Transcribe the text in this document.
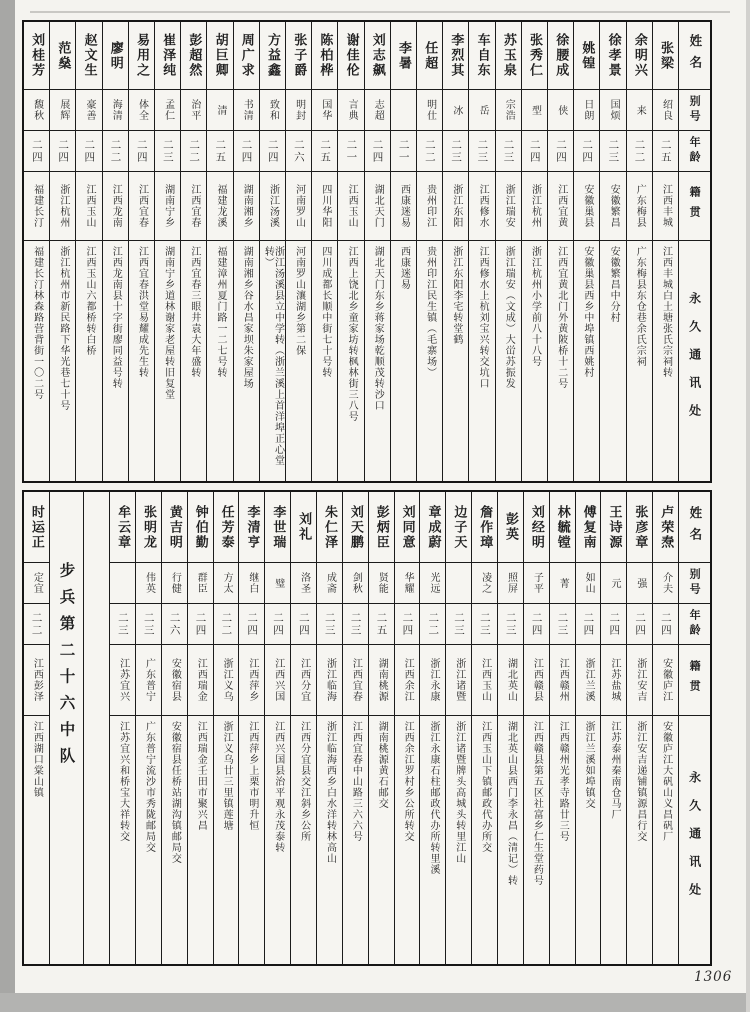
姓名
别号
年龄
籍贯
永久通讯处
张梁
绍良
二五
江西丰城
江西丰城白土塘张氏宗祠转
余明兴
来
二二
广东梅县
广东梅县东仓巷余氏宗祠
徐孝景
国烦
二三
安徽繁昌
安徽繁昌中分村
姚锽
日朗
二四
安徽巢县
安徽巢县西乡中埠镇西姚村
徐腰成
侠
二四
江西宜黄
江西宜黄北门外黄陂桥十二号
张秀仁
型
二四
浙江杭州
浙江杭州小学前八十八号
苏玉泉
宗浩
二三
浙江瑞安
浙江瑞安（文成）大峃苏振发
车自东
岳
二三
江西修水
江西修水上杭刘宝兴转交坑口
李烈其
冰
二三
浙江东阳
浙江东阳李宅转堂鹤
任超
明仕
二二
贵州印江
贵州印江民生镇（毛寨场）
李暑
二一
西康迷易
西康迷易
刘志飙
志超
二四
湖北天门
湖北天门东乡蒋家场乾顺茂转沙口
谢佳伦
言典
二一
江西玉山
江西上饶北乡童家坊转枫林街三八号
陈柏桦
国华
二五
四川华阳
四川成都长顺中街七十号转
张子爵
明封
二六
河南罗山
河南罗山瀼湖乡第二保
方益鑫
致和
二四
浙江汤溪
浙江汤溪县立中学转（浙兰溪上首洋埠正心堂转）
周广求
书清
二四
湖南湘乡
湖南湘乡谷水昌家坝朱家屋场
胡巨卿
清
二五
福建龙溪
福建漳州夏门路一二七号转
彭超然
治平
二二
江西宜春
江西宜春三眼井袁大年盛转
崔泽纯
孟仁
二三
湖南宁乡
湖南宁乡道林谢家老屋转旧复堂
易用之
体全
二四
江西宜春
江西宜春洪堂易耀成先生转
廖明
海清
二二
江西龙南
江西龙南县十字街廖同益号转
赵文生
豪善
二四
江西玉山
江西玉山六都桥转白桥
范燊
展辉
二四
浙江杭州
浙江杭州市新民路下华光巷七十号
刘桂芳
馥秋
二四
福建长汀
福建长汀林森路营背街一〇二号
姓名
别号
年龄
籍贯
永久通讯处
卢荣焘
介夫
二四
安徽庐江
安徽庐江大矾山义昌矾厂
张彦章
强
二四
浙江安吉
浙江安吉递铺镇源昌行交
王诗源
元
二四
江苏盐城
江苏泰州秦南仓马厂
傅复南
如山
二四
浙江兰溪
浙江兰溪如埠镇交
林毓镗
菁
二三
江西赣州
江西赣州光孝寺路廿三号
刘经明
子平
二四
江西赣县
江西赣县第五区社富乡仁生堂药号
彭英
照屏
二三
湖北英山
湖北英山县西门李永昌（清记）转
詹作璋
凌之
二三
江西玉山
江西玉山下镇邮政代办所交
边子天
二三
浙江诸暨
浙江诸暨牌头高城头转里江山
章成蔚
光远
二二
浙江永康
浙江永康石柱邮政代办所转里溪
刘同意
华耀
二四
江西余江
江西余江罗村乡公所转交
彭炳臣
贤能
二五
湖南桃源
湖南桃源黄石邮交
刘天鹏
剑秋
二三
江西宜春
江西宜春中山路三六六号
朱仁泽
成斋
二三
浙江临海
浙江临海西乡白水洋转林高山
刘礼
洛圣
二四
江西分宜
江西分宜县交江斜乡公所
李世瑞
璧
二四
江西兴国
江西兴国县治平观永茂泰转
李清亨
继白
二四
江西萍乡
江西萍乡上栗市明升恒
任芳泰
方太
二二
浙江义乌
浙江义乌廿三里镇莲塘
钟伯勤
群臣
二四
江西瑞金
江西瑞金壬田市聚兴昌
黄吉明
行健
二六
安徽宿县
安徽宿县任桥站湖沟镇邮局交
张明龙
伟英
二三
广东普宁
广东普宁流沙市秀陇邮局交
牟云章
二三
江苏宜兴
江苏宜兴和桥宝大祥转交
步兵第二十六中队
时运正
定宜
二二
江西彭泽
江西湖口棠山镇
1306
